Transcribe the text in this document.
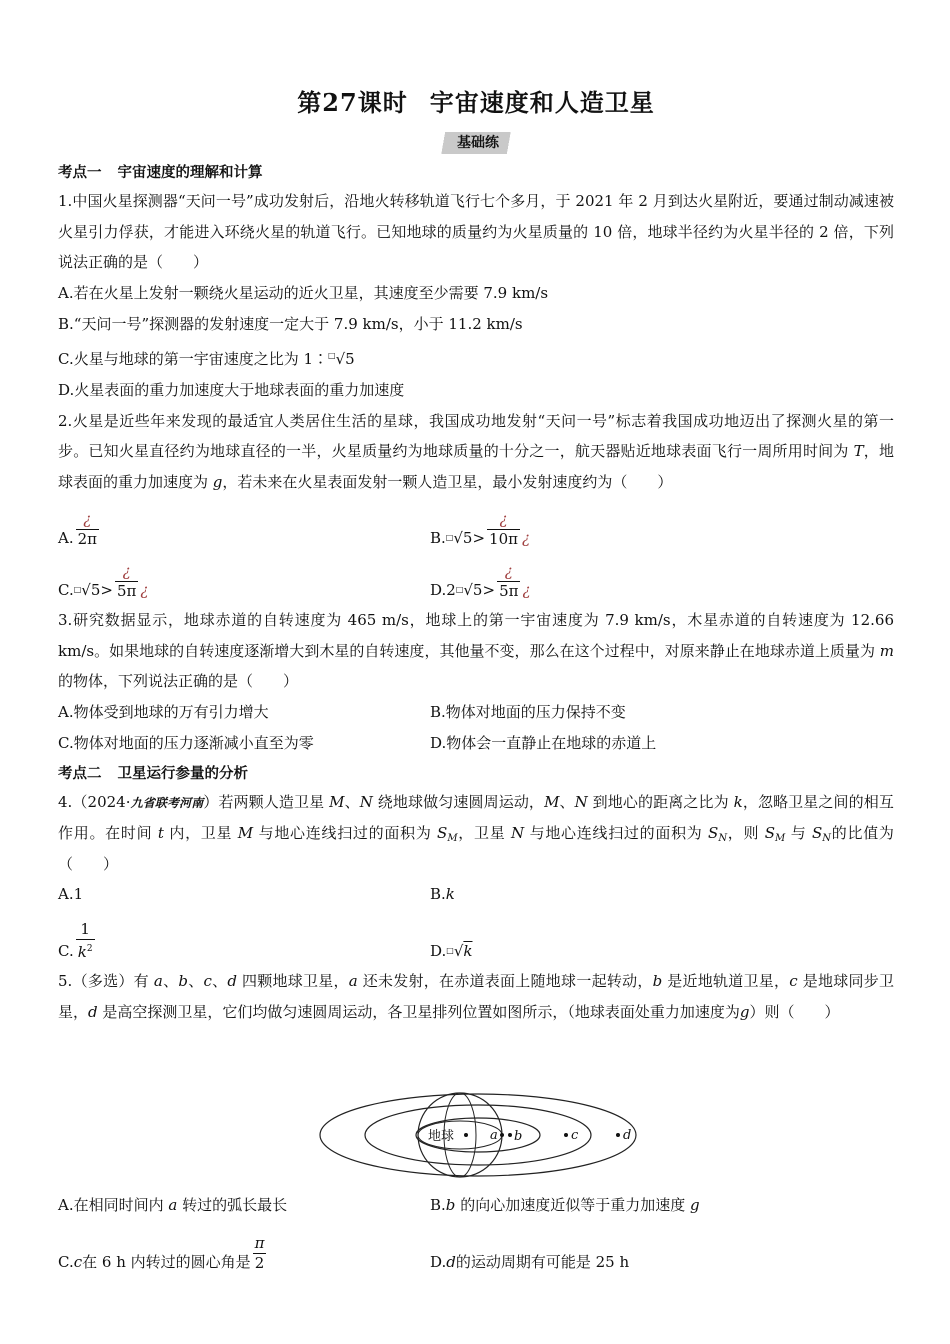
第27课时 宇宙速度和人造卫星
基础练
考点一 宇宙速度的理解和计算
1.中国火星探测器“天问一号”成功发射后，沿地火转移轨道飞行七个多月，于 2021 年 2 月到达火星附近，要通过制动减速被火星引力俘获，才能进入环绕火星的轨道飞行。已知地球的质量约为火星质量的 10 倍，地球半径约为火星半径的 2 倍，下列说法正确的是（　　）
A.若在火星上发射一颗绕火星运动的近火卫星，其速度至少需要 7.9 km/s
B.“天问一号”探测器的发射速度一定大于 7.9 km/s，小于 11.2 km/s
C.火星与地球的第一宇宙速度之比为 1∶□√5
D.火星表面的重力加速度大于地球表面的重力加速度
2.火星是近些年来发现的最适宜人类居住生活的星球，我国成功地发射“天问一号”标志着我国成功地迈出了探测火星的第一步。已知火星直径约为地球直径的一半，火星质量约为地球质量的十分之一，航天器贴近地球表面飞行一周所用时间为 T，地球表面的重力加速度为 g，若未来在火星表面发射一颗人造卫星，最小发射速度约为（　　）
A. $\frac{¿}{2\pi}$	B. □ $√5 > \frac{¿}{10\pi}$ ¿
C. □ $√5 > \frac{¿}{5\pi}$ ¿	D. 2 □ $√5 > \frac{¿}{5\pi}$ ¿
3.研究数据显示，地球赤道的自转速度为 465 m/s，地球上的第一宇宙速度为 7.9 km/s，木星赤道的自转速度为 12.66 km/s。如果地球的自转速度逐渐增大到木星的自转速度，其他量不变，那么在这个过程中，对原来静止在地球赤道上质量为 m 的物体，下列说法正确的是（　　）
A.物体受到地球的万有引力增大	B.物体对地面的压力保持不变
C.物体对地面的压力逐渐减小直至为零	D.物体会一直静止在地球的赤道上
考点二 卫星运行参量的分析
4.（2024·九省联考河南）若两颗人造卫星 M、N 绕地球做匀速圆周运动，M、N 到地心的距离之比为 k，忽略卫星之间的相互作用。在时间 t 内，卫星 M 与地心连线扫过的面积为 $S_M$，卫星 N 与地心连线扫过的面积为 $S_N$，则 $S_M$ 与 $S_N$的比值为（　　）
A.1	B.k
C. $\frac{1}{k^2}$	D. □ √ k
5.（多选）有 a、b、c、d 四颗地球卫星，a 还未发射，在赤道表面上随地球一起转动，b 是近地轨道卫星，c 是地球同步卫星，d 是高空探测卫星，它们均做匀速圆周运动，各卫星排列位置如图所示，（地球表面处重力加速度为g）则（　　）
地球	a b	c	d
A.在相同时间内 a 转过的弧长最长	B.b 的向心加速度近似等于重力加速度 g
C. c 在 6 h 内转过的圆心角是 $\frac{\pi}{2}$	D. d 的运动周期有可能是 25 h
